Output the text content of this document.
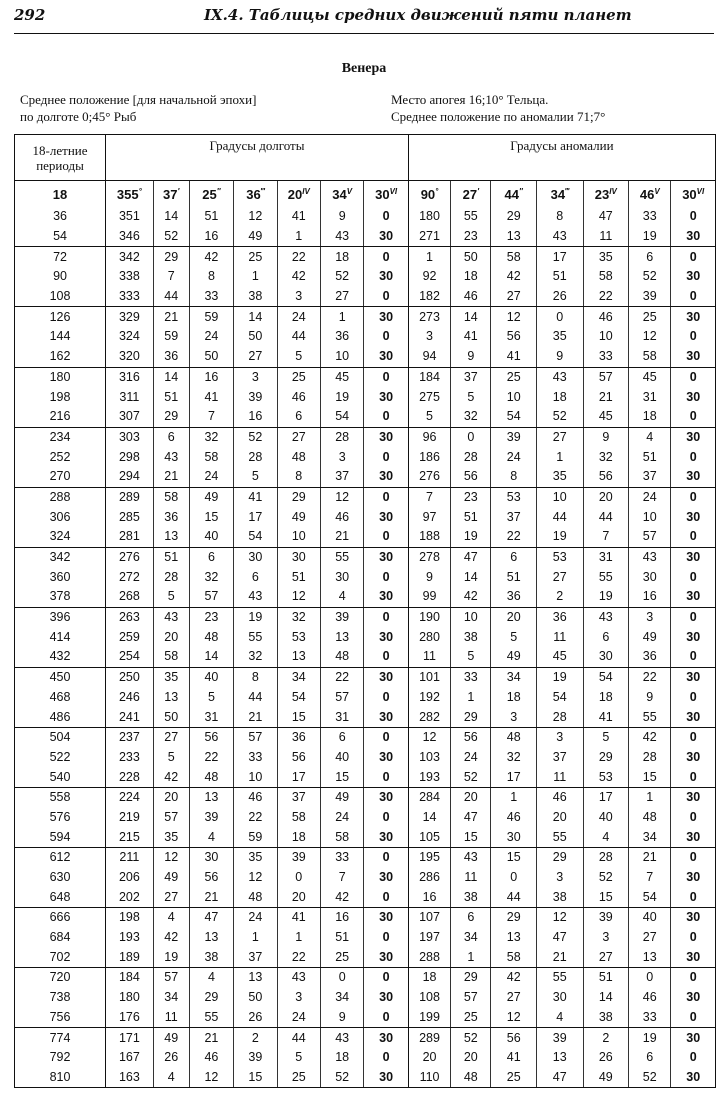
292	IX.4. Таблицы средних движений пяти планет
Венера
Среднее положение [для начальной эпохи]
по долготе 0;45° Рыб
Место апогея 16;10° Тельца.
Среднее положение по аномалии 71;7°
18-летние
периоды	Градусы долготы							Градусы аномалии						
18	355°	37′	25″	36‴	$20^{IV}$	$34^V$	$30^{VI}$	90°	27′	44″	34‴	$23^{IV}$	$46^V$	$30^{VI}$
36	351	14	51	12	41	9	0	180	55	29	8	47	33	0
54	346	52	16	49	1	43	30	271	23	13	43	11	19	30
72	342	29	42	25	22	18	0	1	50	58	17	35	6	0
90	338	7	8	1	42	52	30	92	18	42	51	58	52	30
108	333	44	33	38	3	27	0	182	46	27	26	22	39	0
126	329	21	59	14	24	1	30	273	14	12	0	46	25	30
144	324	59	24	50	44	36	0	3	41	56	35	10	12	0
162	320	36	50	27	5	10	30	94	9	41	9	33	58	30
180	316	14	16	3	25	45	0	184	37	25	43	57	45	0
198	311	51	41	39	46	19	30	275	5	10	18	21	31	30
216	307	29	7	16	6	54	0	5	32	54	52	45	18	0
234	303	6	32	52	27	28	30	96	0	39	27	9	4	30
252	298	43	58	28	48	3	0	186	28	24	1	32	51	0
270	294	21	24	5	8	37	30	276	56	8	35	56	37	30
288	289	58	49	41	29	12	0	7	23	53	10	20	24	0
306	285	36	15	17	49	46	30	97	51	37	44	44	10	30
324	281	13	40	54	10	21	0	188	19	22	19	7	57	0
342	276	51	6	30	30	55	30	278	47	6	53	31	43	30
360	272	28	32	6	51	30	0	9	14	51	27	55	30	0
378	268	5	57	43	12	4	30	99	42	36	2	19	16	30
396	263	43	23	19	32	39	0	190	10	20	36	43	3	0
414	259	20	48	55	53	13	30	280	38	5	11	6	49	30
432	254	58	14	32	13	48	0	11	5	49	45	30	36	0
450	250	35	40	8	34	22	30	101	33	34	19	54	22	30
468	246	13	5	44	54	57	0	192	1	18	54	18	9	0
486	241	50	31	21	15	31	30	282	29	3	28	41	55	30
504	237	27	56	57	36	6	0	12	56	48	3	5	42	0
522	233	5	22	33	56	40	30	103	24	32	37	29	28	30
540	228	42	48	10	17	15	0	193	52	17	11	53	15	0
558	224	20	13	46	37	49	30	284	20	1	46	17	1	30
576	219	57	39	22	58	24	0	14	47	46	20	40	48	0
594	215	35	4	59	18	58	30	105	15	30	55	4	34	30
612	211	12	30	35	39	33	0	195	43	15	29	28	21	0
630	206	49	56	12	0	7	30	286	11	0	3	52	7	30
648	202	27	21	48	20	42	0	16	38	44	38	15	54	0
666	198	4	47	24	41	16	30	107	6	29	12	39	40	30
684	193	42	13	1	1	51	0	197	34	13	47	3	27	0
702	189	19	38	37	22	25	30	288	1	58	21	27	13	30
720	184	57	4	13	43	0	0	18	29	42	55	51	0	0
738	180	34	29	50	3	34	30	108	57	27	30	14	46	30
756	176	11	55	26	24	9	0	199	25	12	4	38	33	0
774	171	49	21	2	44	43	30	289	52	56	39	2	19	30
792	167	26	46	39	5	18	0	20	20	41	13	26	6	0
810	163	4	12	15	25	52	30	110	48	25	47	49	52	30
